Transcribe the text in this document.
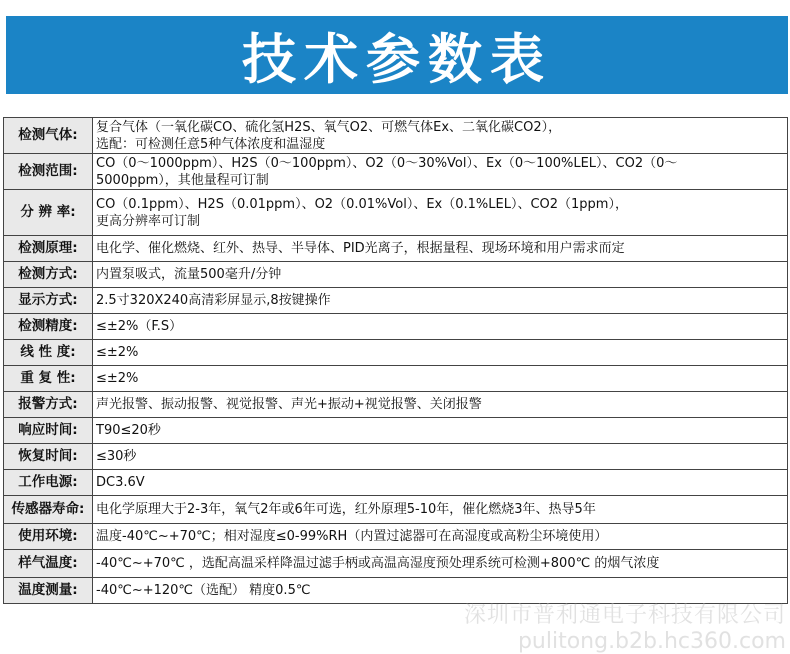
技术参数表
检测气体:	复合气体（一氧化碳CO、硫化氢H2S、氧气O2、可燃气体Ex、二氧化碳CO2），
选配：可检测任意5种气体浓度和温湿度
检测范围:	CO（0～1000ppm）、H2S（0～100ppm）、O2（0～30%Vol）、Ex（0～100%LEL）、CO2（0～
5000ppm），其他量程可订制
分 辨 率:	CO（0.1ppm）、H2S（0.01ppm）、O2（0.01%Vol）、Ex（0.1%LEL）、CO2（1ppm），
更高分辨率可订制
检测原理:	电化学、催化燃烧、红外、热导、半导体、PID光离子，根据量程、现场环境和用户需求而定
检测方式:	内置泵吸式，流量500毫升/分钟
显示方式:	2.5寸320X240高清彩屏显示,8按键操作
检测精度:	≤±2%（F.S）
线 性 度:	≤±2%
重 复 性:	≤±2%
报警方式:	声光报警、振动报警、视觉报警、声光+振动+视觉报警、关闭报警
响应时间:	T90≤20秒
恢复时间:	≤30秒
工作电源:	DC3.6V
传感器寿命:	电化学原理大于2-3年，氧气2年或6年可选，红外原理5-10年，催化燃烧3年、热导5年
使用环境:	温度-40℃~+70℃；相对湿度≤0-99%RH（内置过滤器可在高湿度或高粉尘环境使用）
样气温度:	-40℃~+70℃ ，选配高温采样降温过滤手柄或高温高湿度预处理系统可检测+800℃ 的烟气浓度
温度测量:	-40℃~+120℃（选配） 精度0.5℃
深圳市普利通电子科技有限公司
pulitong.b2b.hc360.com
